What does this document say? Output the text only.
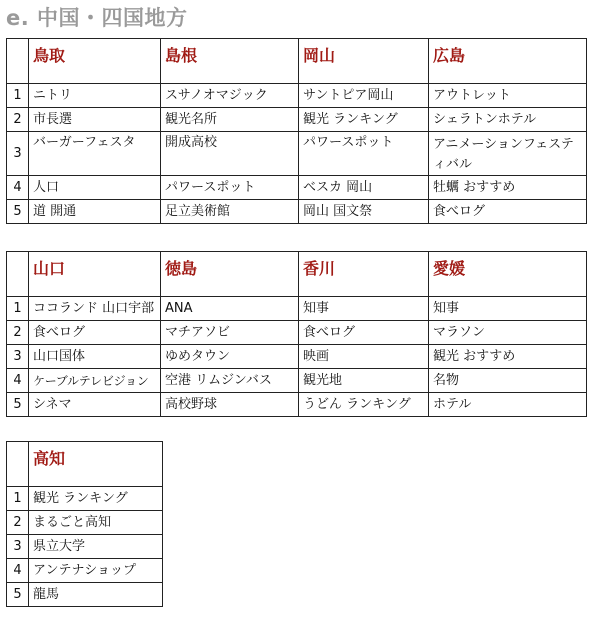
e. 中国・四国地方
	鳥取	島根	岡山	広島
1	ニトリ	スサノオマジック	サントピア岡山	アウトレット
2	市長選	観光名所	観光 ランキング	シェラトンホテル
3	バーガーフェスタ	開成高校	パワースポット	アニメーションフェスティバル
4	人口	パワースポット	ベスカ 岡山	牡蠣 おすすめ
5	道 開通	足立美術館	岡山 国文祭	食べログ
	山口	徳島	香川	愛媛
1	ココランド 山口宇部	ANA	知事	知事
2	食べログ	マチアソビ	食べログ	マラソン
3	山口国体	ゆめタウン	映画	観光 おすすめ
4	ケーブルテレビジョン	空港 リムジンバス	観光地	名物
5	シネマ	高校野球	うどん ランキング	ホテル
	高知
1	観光 ランキング
2	まるごと高知
3	県立大学
4	アンテナショップ
5	龍馬
